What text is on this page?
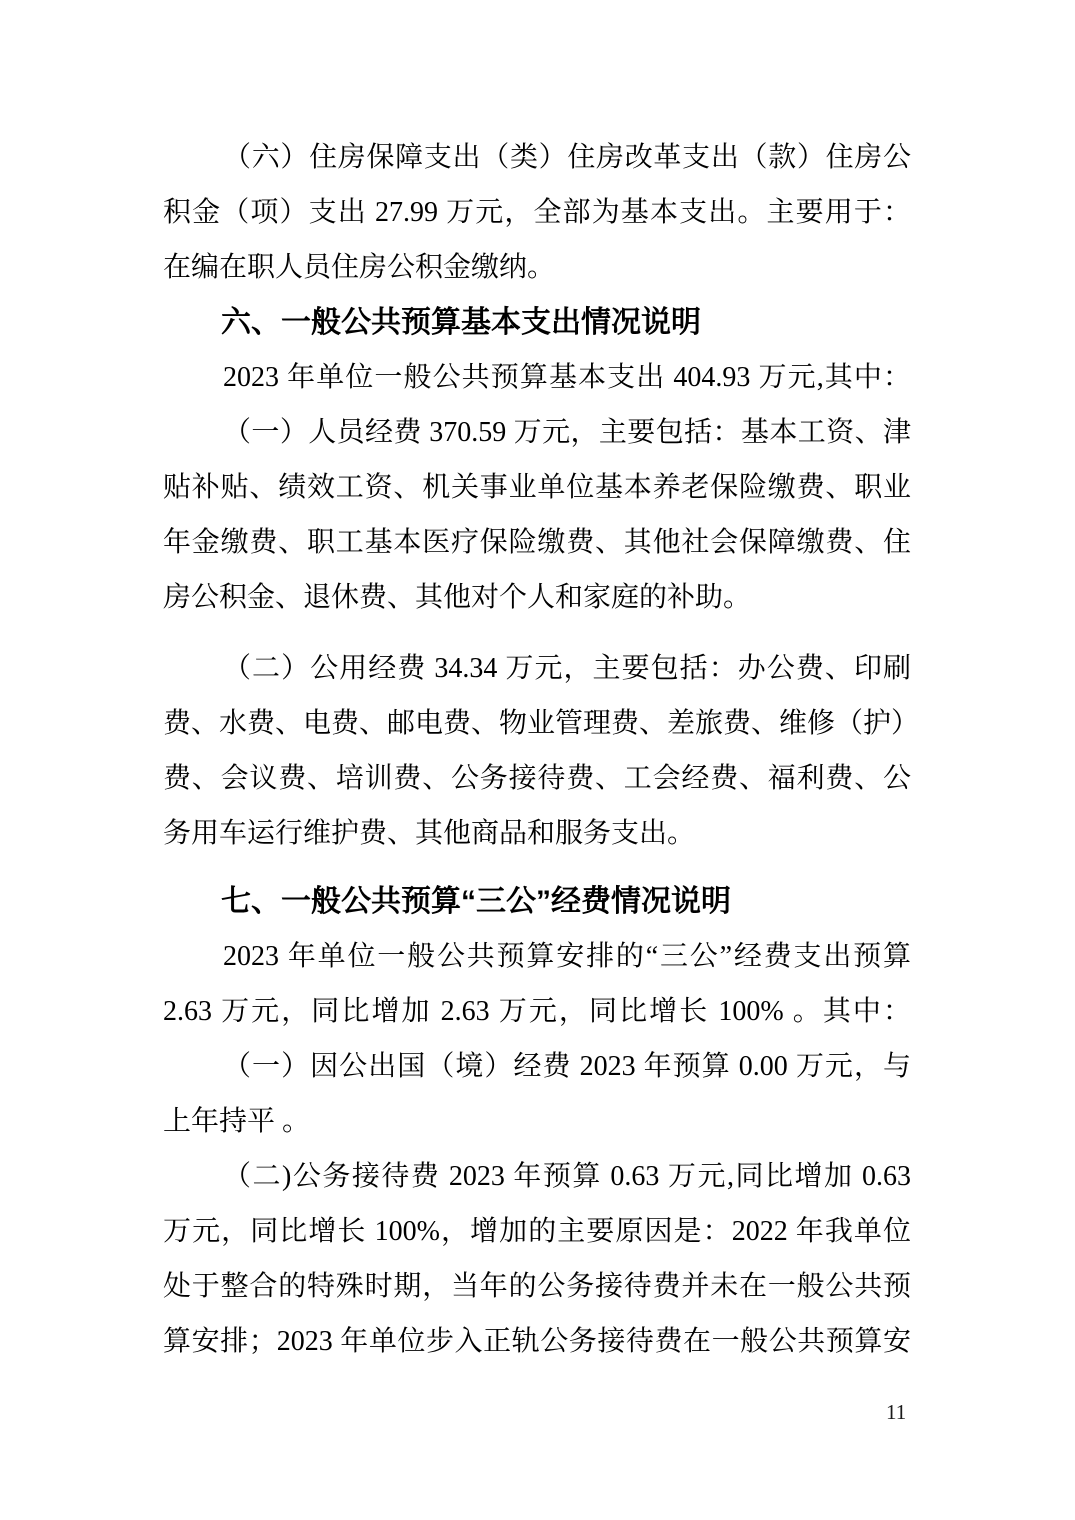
（六）住房保障支出（类）住房改革支出（款）住房公
积金（项）支出 27.99 万元，全部为基本支出。主要用于：
在编在职人员住房公积金缴纳。
六、一般公共预算基本支出情况说明
2023 年单位一般公共预算基本支出 404.93 万元,其中：
（一）人员经费 370.59 万元，主要包括：基本工资、津
贴补贴、绩效工资、机关事业单位基本养老保险缴费、职业
年金缴费、职工基本医疗保险缴费、其他社会保障缴费、住
房公积金、退休费、其他对个人和家庭的补助。
（二）公用经费 34.34 万元，主要包括：办公费、印刷
费、水费、电费、邮电费、物业管理费、差旅费、维修（护）
费、会议费、培训费、公务接待费、工会经费、福利费、公
务用车运行维护费、其他商品和服务支出。
七、一般公共预算“三公”经费情况说明
2023 年单位一般公共预算安排的“三公”经费支出预算
2.63 万元，同比增加 2.63 万元，同比增长 100% 。其中：
（一）因公出国（境）经费 2023 年预算 0.00 万元，与
上年持平 。
（二)公务接待费 2023 年预算 0.63 万元,同比增加 0.63
万元，同比增长 100%，增加的主要原因是：2022 年我单位
处于整合的特殊时期，当年的公务接待费并未在一般公共预
算安排；2023 年单位步入正轨公务接待费在一般公共预算安
11
